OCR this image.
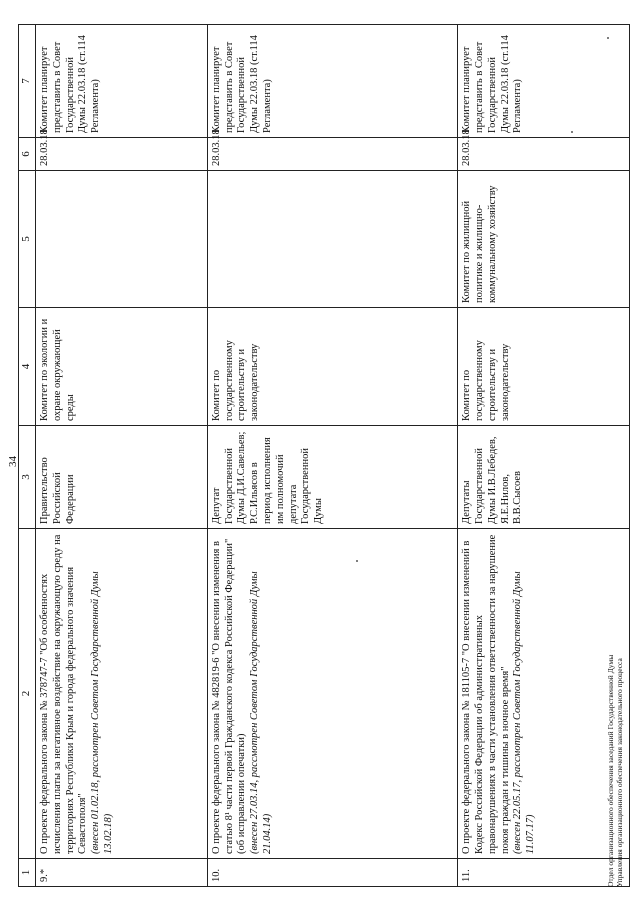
34
1	2	3	4	5	6	7
9.*	О проекте федерального закона № 378747-7 "Об особенностях исчисления платы за негативное воздействие на окружающую среду на территориях Республики Крым и города федерального значения Севастополя" (внесен 01.02.18, рассмотрен Советом Государственной Думы 13.02.18)	Правительство Российской Федерации	Комитет по экологии и охране окружающей среды		28.03.18	Комитет планирует представить в Совет Государственной Думы 22.03.18 (ст.114 Регламента)
10.	О проекте федерального закона № 482819-6 "О внесении изменения в статью 8¹ части первой Гражданского кодекса Российской Федерации" (об исправлении опечатки) (внесен 27.03.14, рассмотрен Советом Государственной Думы 21.04.14)	Депутат Государственной Думы Д.И.Савельев; Р.С.Ильясов в период исполнения им полномочий депутата Государственной Думы	Комитет по государственному строительству и законодательству		28.03.18	Комитет планирует представить в Совет Государственной Думы 22.03.18 (ст.114 Регламента)
11.	О проекте федерального закона № 181105-7 "О внесении изменений в Кодекс Российской Федерации об административных правонарушениях в части установления ответственности за нарушение покоя граждан и тишины в ночное время" (внесен 22.05.17, рассмотрен Советом Государственной Думы 11.07.17)	Депутаты Государственной Думы И.В.Лебедев, Я.Е.Нилов, В.В.Сысоев	Комитет по государственному строительству и законодательству	Комитет по жилищной политике и жилищно-коммунальному хозяйству	28.03.18	Комитет планирует представить в Совет Государственной Думы 22.03.18 (ст.114 Регламента)
Отдел организационного обеспечения заседаний Государственной Думы Управления организационного обеспечения законодательного процесса
